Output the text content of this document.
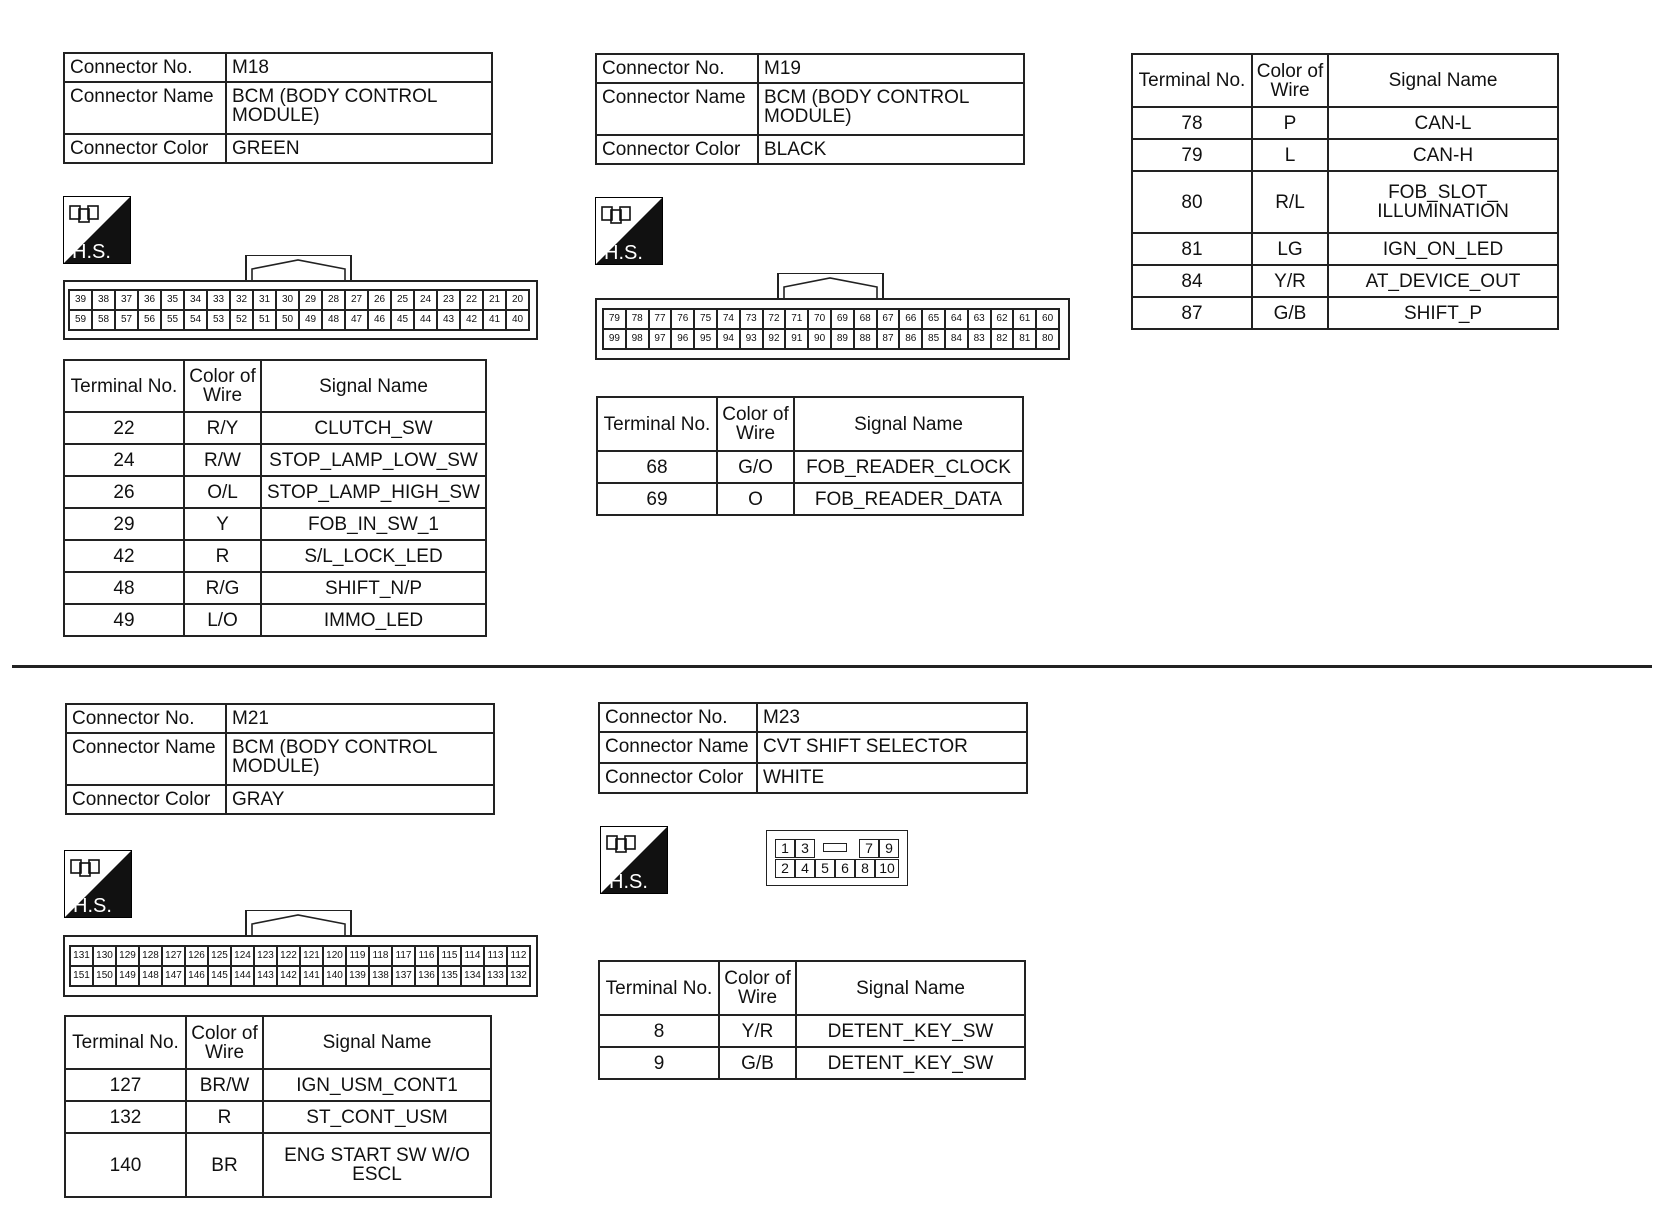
Connector No.	M18
Connector Name	BCM (BODY CONTROL MODULE)
Connector Color	GREEN
H.S.
39	38	37	36	35	34	33	32	31	30	29	28	27	26	25	24	23	22	21	20
59	58	57	56	55	54	53	52	51	50	49	48	47	46	45	44	43	42	41	40
Terminal No.	Color of Wire	Signal Name
22	R/Y	CLUTCH_SW
24	R/W	STOP_LAMP_LOW_SW
26	O/L	STOP_LAMP_HIGH_SW
29	Y	FOB_IN_SW_1
42	R	S/L_LOCK_LED
48	R/G	SHIFT_N/P
49	L/O	IMMO_LED
Connector No.	M19
Connector Name	BCM (BODY CONTROL MODULE)
Connector Color	BLACK
H.S.
79	78	77	76	75	74	73	72	71	70	69	68	67	66	65	64	63	62	61	60
99	98	97	96	95	94	93	92	91	90	89	88	87	86	85	84	83	82	81	80
Terminal No.	Color of Wire	Signal Name
68	G/O	FOB_READER_CLOCK
69	O	FOB_READER_DATA
Terminal No.	Color of Wire	Signal Name
78	P	CAN-L
79	L	CAN-H
80	R/L	FOB_SLOT_ ILLUMINATION
81	LG	IGN_ON_LED
84	Y/R	AT_DEVICE_OUT
87	G/B	SHIFT_P
Connector No.	M21
Connector Name	BCM (BODY CONTROL MODULE)
Connector Color	GRAY
H.S.
131 130 129 128 127 126 125 124 123 122 121 120 119 118 117 116 115 114 113 112
151 150 149 148 147 146 145 144 143 142 141 140 139 138 137 136 135 134 133 132
Terminal No.	Color of Wire	Signal Name
127	BR/W	IGN_USM_CONT1
132	R	ST_CONT_USM
140	BR	ENG START SW W/O ESCL
Connector No.	M23
Connector Name	CVT SHIFT SELECTOR
Connector Color	WHITE
H.S.
1 3	7 9
2 4 5 6 8 10
Terminal No.	Color of Wire	Signal Name
8	Y/R	DETENT_KEY_SW
9	G/B	DETENT_KEY_SW
